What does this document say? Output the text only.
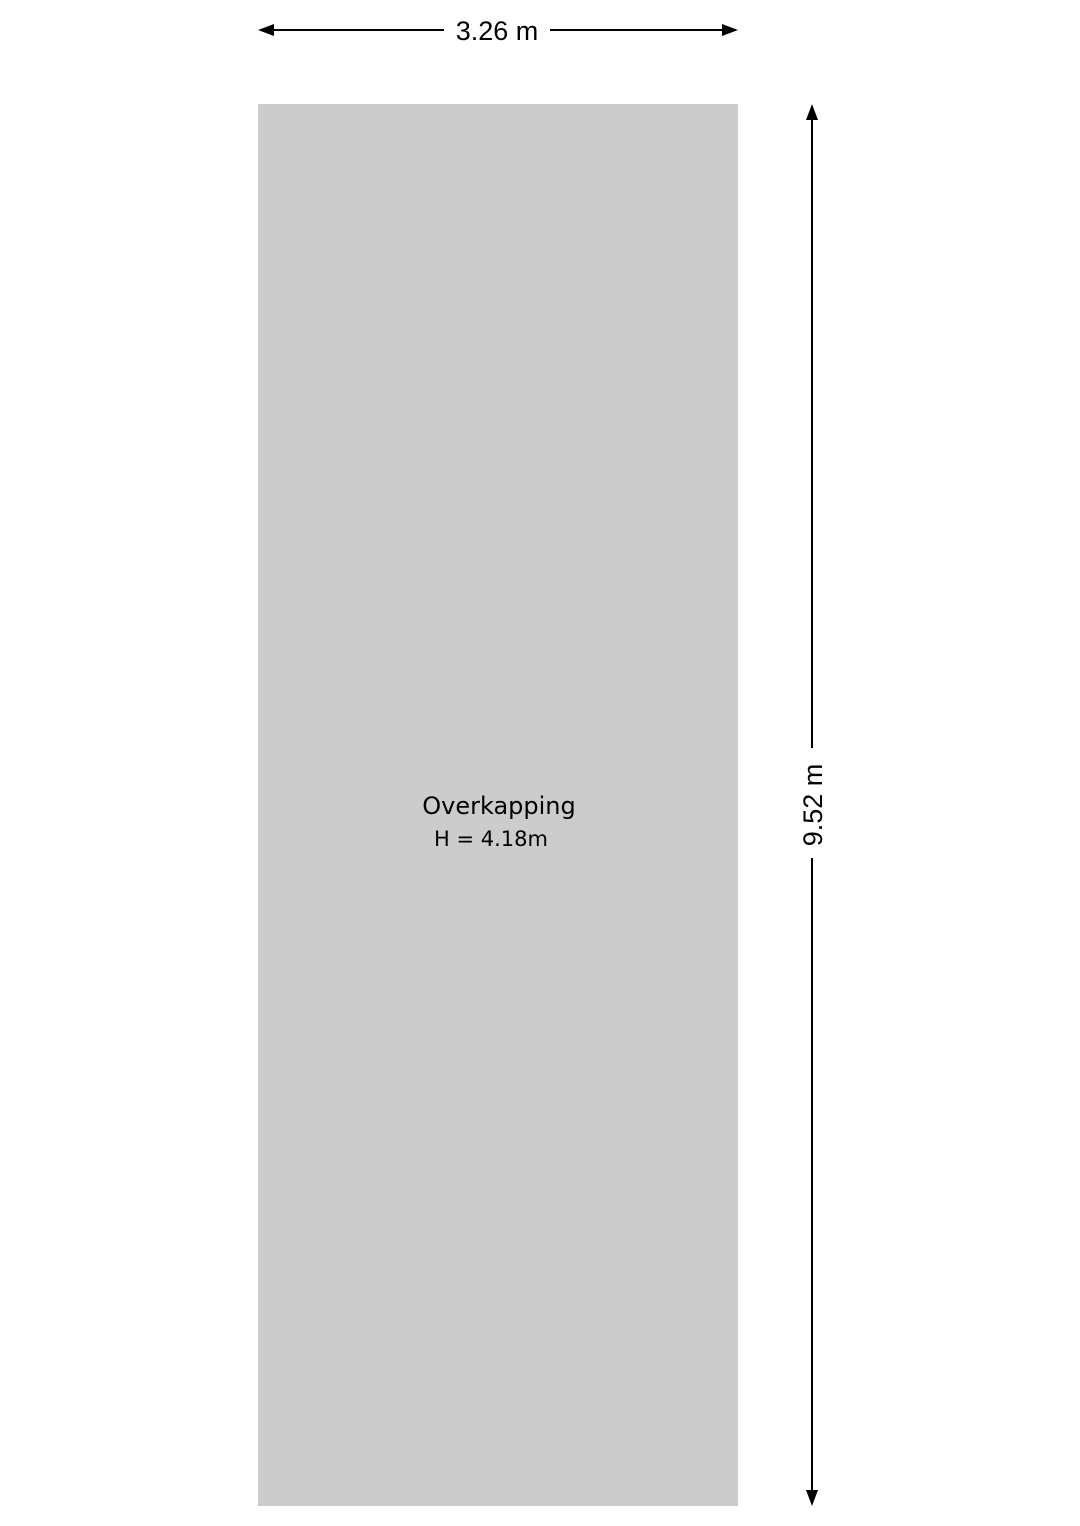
Overkapping
H = 4.18m
3.26 m
9.52 m
